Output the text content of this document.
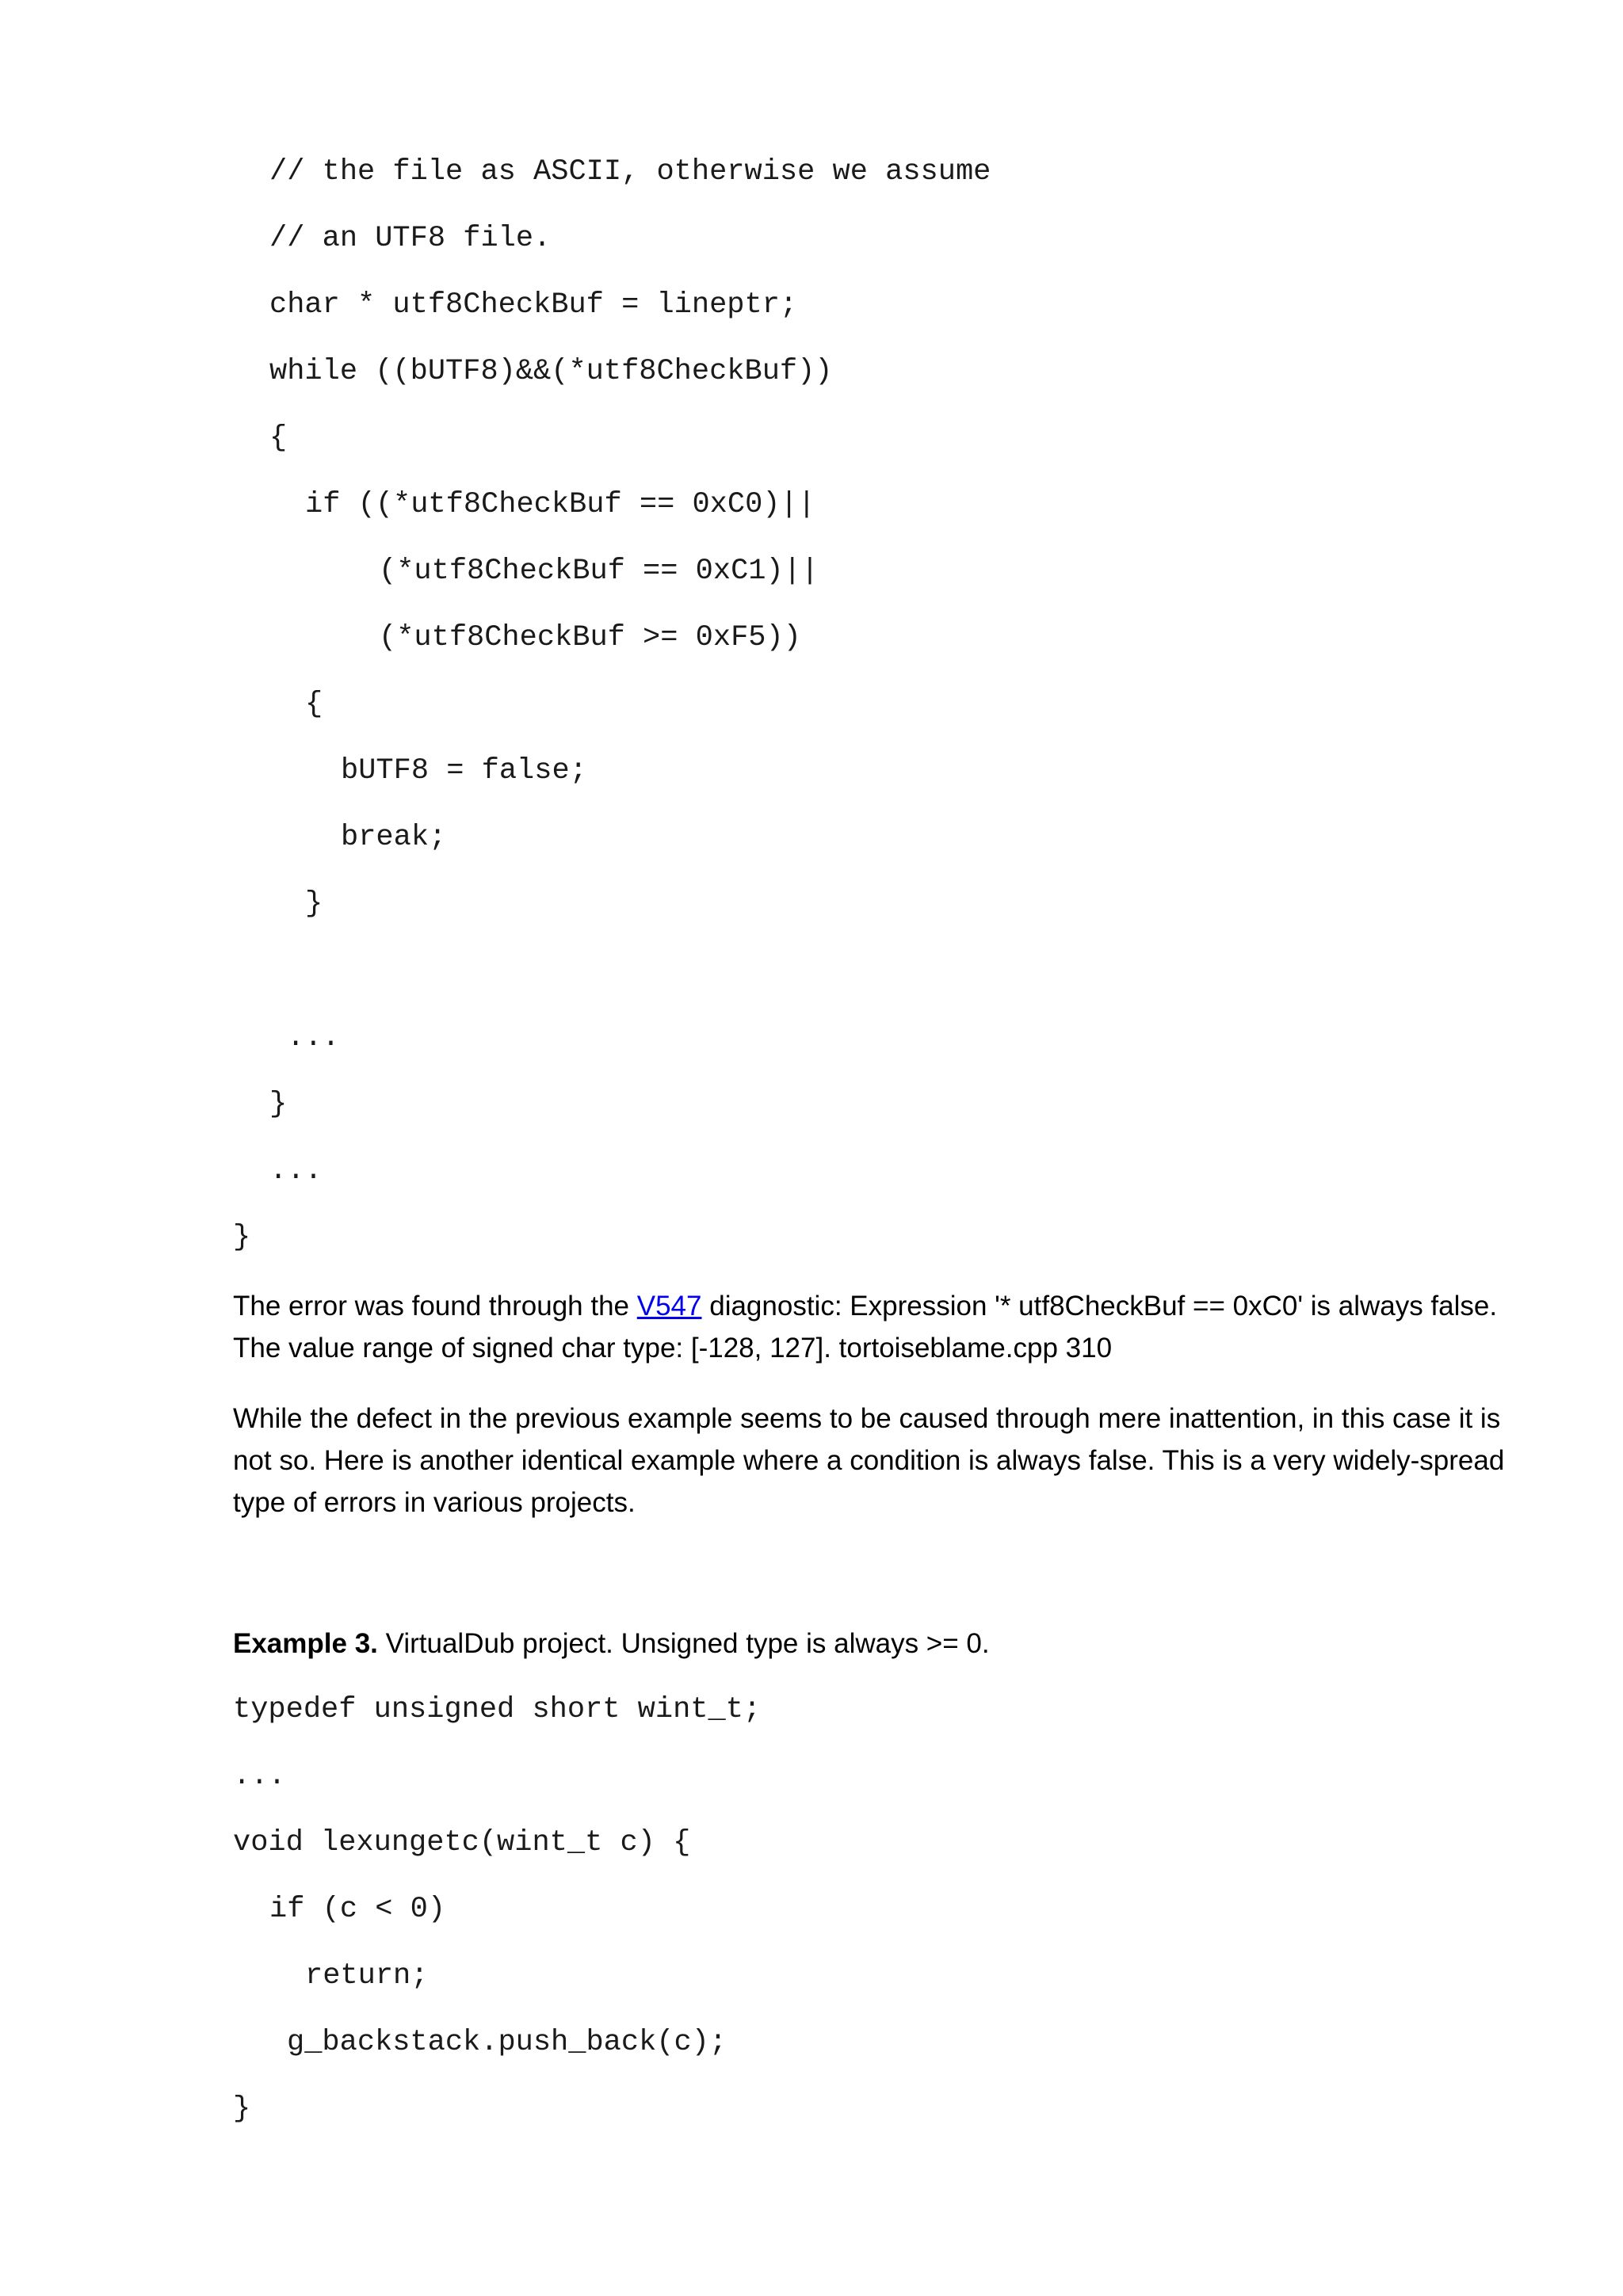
// the file as ASCII, otherwise we assume
// an UTF8 file.
char * utf8CheckBuf = lineptr;
while ((bUTF8)&&(*utf8CheckBuf))
{
if ((*utf8CheckBuf == 0xC0)||
(*utf8CheckBuf == 0xC1)||
(*utf8CheckBuf >= 0xF5))
{
bUTF8 = false;
break;
}
...
}
...
}
The error was found through the V547 diagnostic: Expression '* utf8CheckBuf == 0xC0' is always false. The value range of signed char type: [-128, 127]. tortoiseblame.cpp 310
While the defect in the previous example seems to be caused through mere inattention, in this case it is not so. Here is another identical example where a condition is always false. This is a very widely-spread type of errors in various projects.
Example 3. VirtualDub project. Unsigned type is always >= 0.
typedef unsigned short wint_t;
...
void lexungetc(wint_t c) {
if (c < 0)
return;
g_backstack.push_back(c);
}
